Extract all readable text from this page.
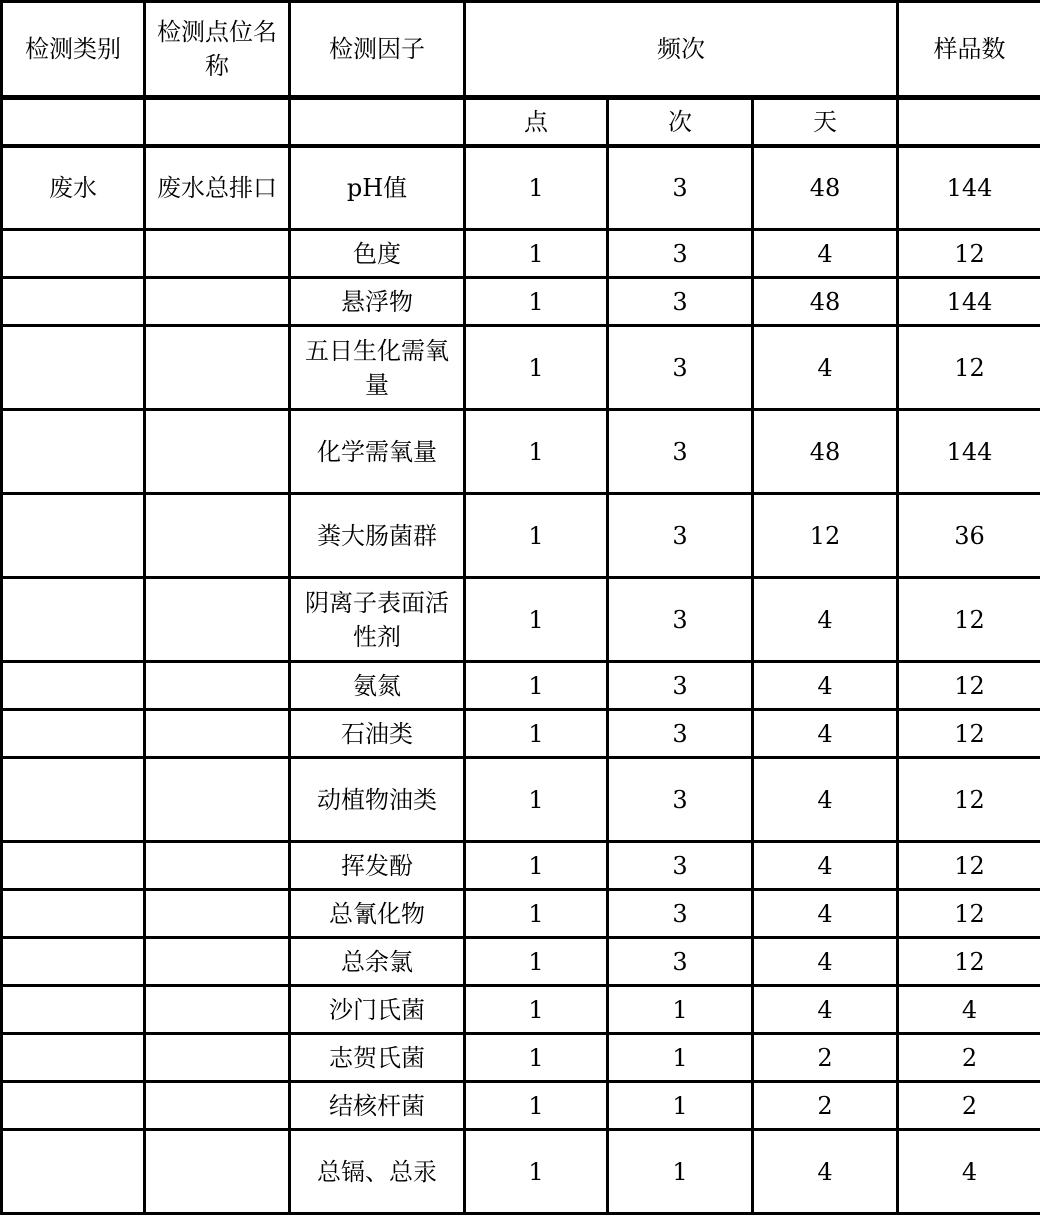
检测类别	检测点位名称	检测因子	频次			样品数
			点	次	天	
废水	废水总排口	pH值	1	3	48	144
		色度	1	3	4	12
		悬浮物	1	3	48	144
		五日生化需氧量	1	3	4	12
		化学需氧量	1	3	48	144
		粪大肠菌群	1	3	12	36
		阴离子表面活性剂	1	3	4	12
		氨氮	1	3	4	12
		石油类	1	3	4	12
		动植物油类	1	3	4	12
		挥发酚	1	3	4	12
		总氰化物	1	3	4	12
		总余氯	1	3	4	12
		沙门氏菌	1	1	4	4
		志贺氏菌	1	1	2	2
		结核杆菌	1	1	2	2
		总镉、总汞	1	1	4	4
